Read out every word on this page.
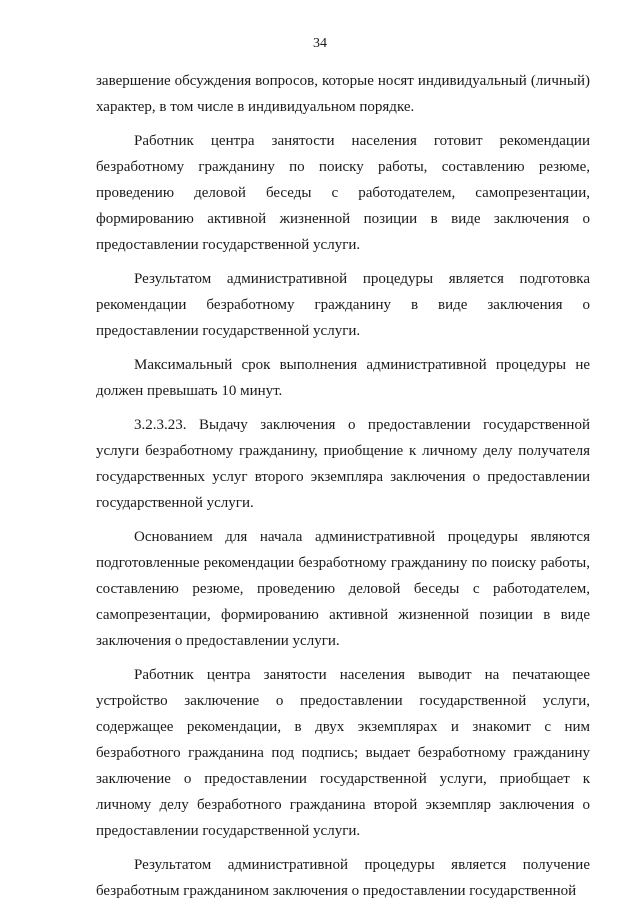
34

завершение обсуждения вопросов, которые носят индивидуальный (личный) характер, в том числе в индивидуальном порядке.

Работник центра занятости населения готовит рекомендации безработному гражданину по поиску работы, составлению резюме, проведению деловой беседы с работодателем, самопрезентации, формированию активной жизненной позиции в виде заключения о предоставлении государственной услуги.

Результатом административной процедуры является подготовка рекомендации безработному гражданину в виде заключения о предоставлении государственной услуги.

Максимальный срок выполнения административной процедуры не должен превышать 10 минут.

3.2.3.23. Выдачу заключения о предоставлении государственной услуги безработному гражданину, приобщение к личному делу получателя государственных услуг второго экземпляра заключения о предоставлении государственной услуги.

Основанием для начала административной процедуры являются подготовленные рекомендации безработному гражданину по поиску работы, составлению резюме, проведению деловой беседы с работодателем, самопрезентации, формированию активной жизненной позиции в виде заключения о предоставлении услуги.

Работник центра занятости населения выводит на печатающее устройство заключение о предоставлении государственной услуги, содержащее рекомендации, в двух экземплярах и знакомит с ним безработного гражданина под подпись; выдает безработному гражданину заключение о предоставлении государственной услуги, приобщает к личному делу безработного гражданина второй экземпляр заключения о предоставлении государственной услуги.

Результатом административной процедуры является получение безработным гражданином заключения о предоставлении государственной
